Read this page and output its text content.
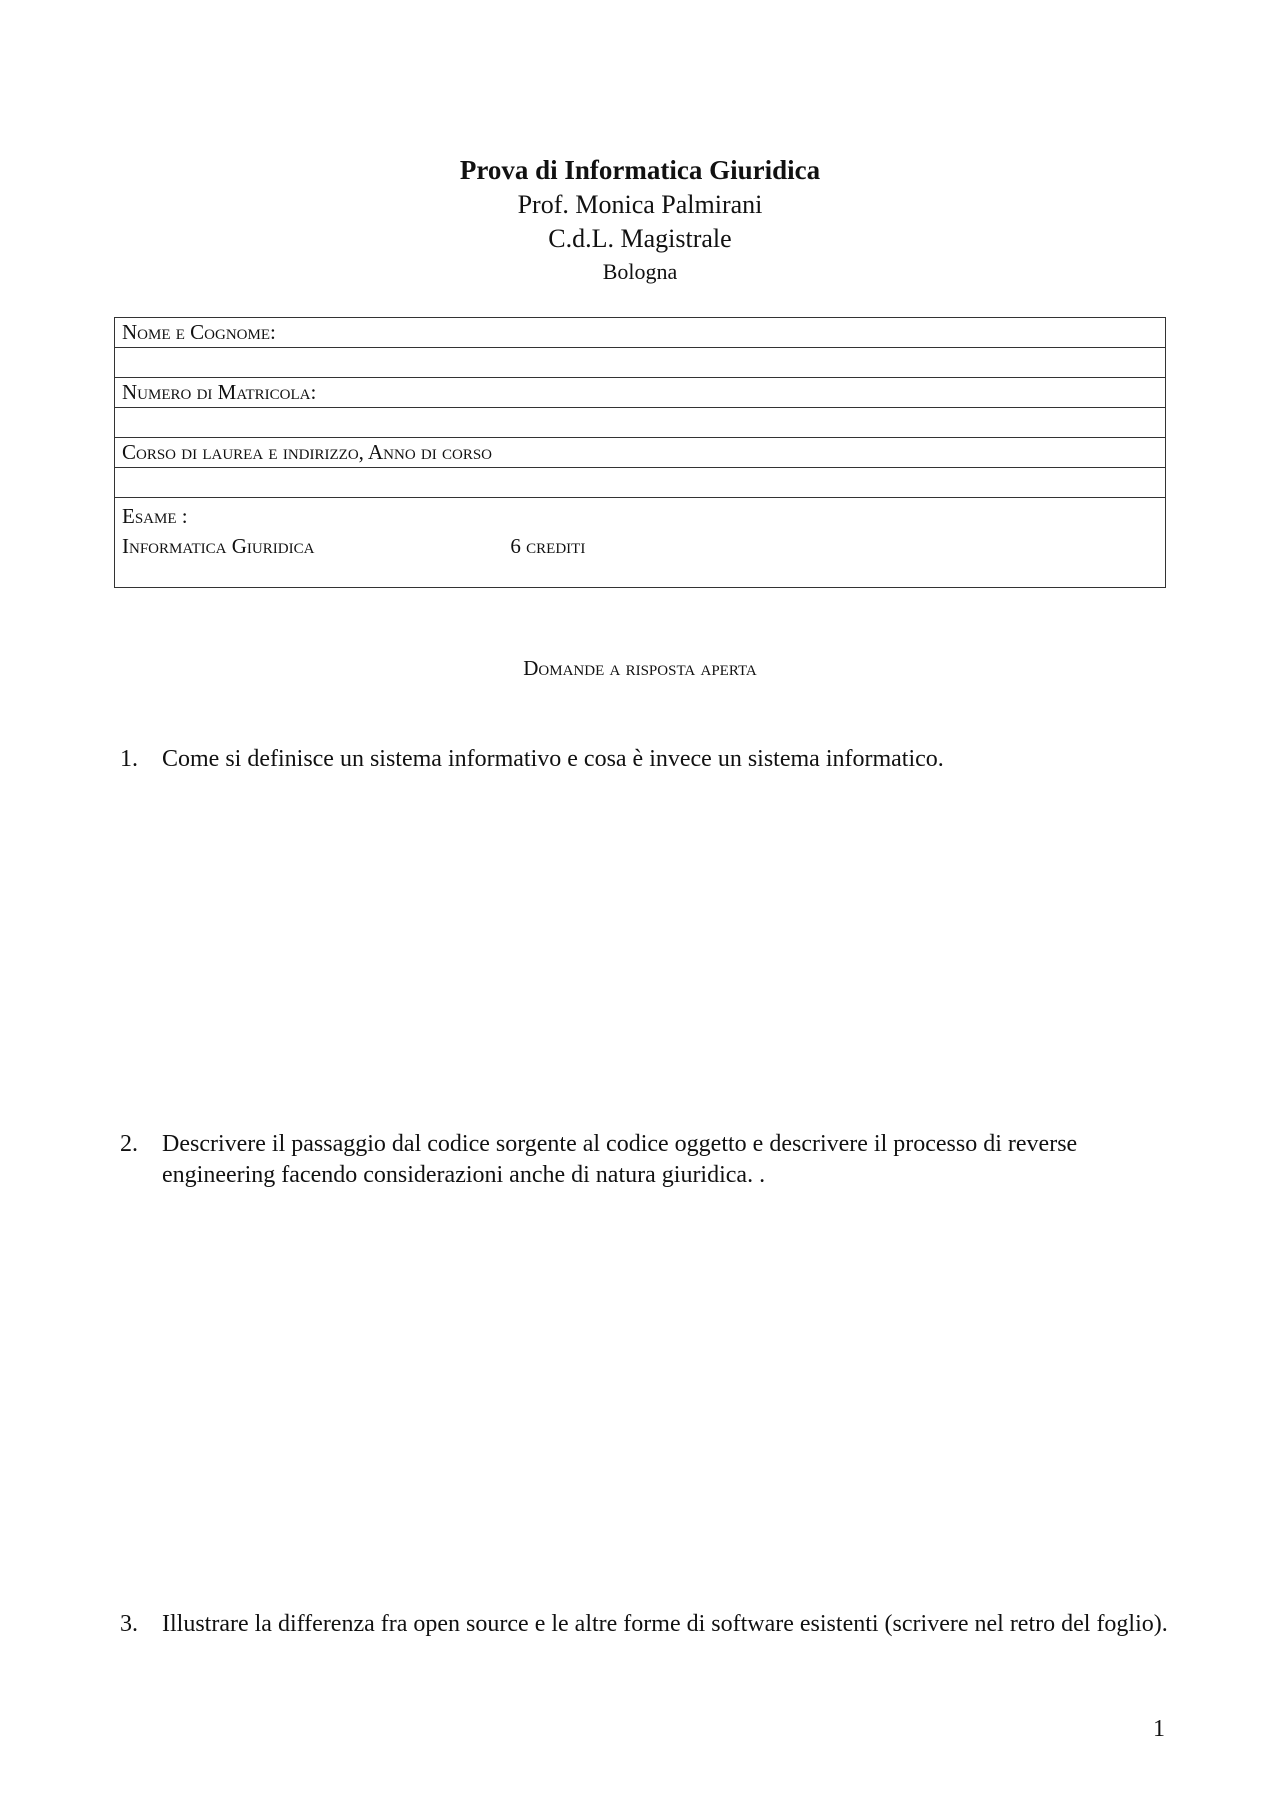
Prova di Informatica Giuridica
Prof. Monica Palmirani
C.d.L. Magistrale
Bologna
Nome e Cognome:

Numero di Matricola:

Corso di laurea e indirizzo, Anno di corso

Esame :
Informatica Giuridica	6 crediti
Domande a risposta aperta
1. Come si definisce un sistema informativo e cosa è invece un sistema informatico.
2. Descrivere il passaggio dal codice sorgente al codice oggetto e descrivere il processo di reverse engineering facendo considerazioni anche di natura giuridica. .
3. Illustrare la differenza fra open source e le altre forme di software esistenti (scrivere nel retro del foglio).
1
